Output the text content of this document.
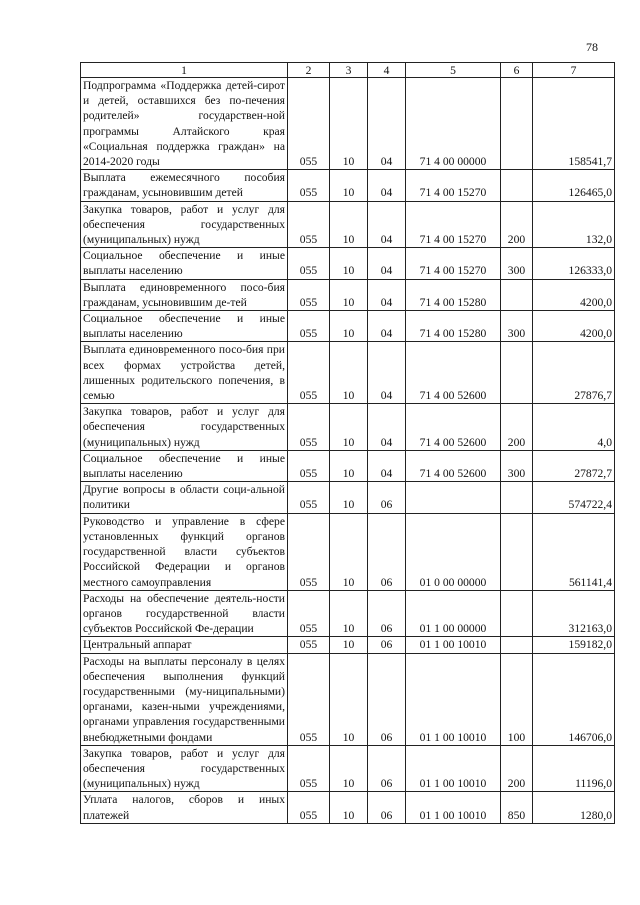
78
1	2	3	4	5	6	7
Подпрограмма «Поддержка детей-сирот и детей, оставшихся без по-печения родителей» государствен-ной программы Алтайского края «Социальная поддержка граждан» на 2014-2020 годы	055	10	04	71 4 00 00000		158541,7
Выплата ежемесячного пособия гражданам, усыновившим детей	055	10	04	71 4 00 15270		126465,0
Закупка товаров, работ и услуг для обеспечения государственных (муниципальных) нужд	055	10	04	71 4 00 15270	200	132,0
Социальное обеспечение и иные выплаты населению	055	10	04	71 4 00 15270	300	126333,0
Выплата единовременного посо-бия гражданам, усыновившим де-тей	055	10	04	71 4 00 15280		4200,0
Социальное обеспечение и иные выплаты населению	055	10	04	71 4 00 15280	300	4200,0
Выплата единовременного посо-бия при всех формах устройства детей, лишенных родительского попечения, в семью	055	10	04	71 4 00 52600		27876,7
Закупка товаров, работ и услуг для обеспечения государственных (муниципальных) нужд	055	10	04	71 4 00 52600	200	4,0
Социальное обеспечение и иные выплаты населению	055	10	04	71 4 00 52600	300	27872,7
Другие вопросы в области соци-альной политики	055	10	06			574722,4
Руководство и управление в сфере установленных функций органов государственной власти субъектов Российской Федерации и органов местного самоуправления	055	10	06	01 0 00 00000		561141,4
Расходы на обеспечение деятель-ности органов государственной власти субъектов Российской Фе-дерации	055	10	06	01 1 00 00000		312163,0
Центральный аппарат	055	10	06	01 1 00 10010		159182,0
Расходы на выплаты персоналу в целях обеспечения выполнения функций государственными (му-ниципальными) органами, казен-ными учреждениями, органами управления государственными внебюджетными фондами	055	10	06	01 1 00 10010	100	146706,0
Закупка товаров, работ и услуг для обеспечения государственных (муниципальных) нужд	055	10	06	01 1 00 10010	200	11196,0
Уплата налогов, сборов и иных платежей	055	10	06	01 1 00 10010	850	1280,0
